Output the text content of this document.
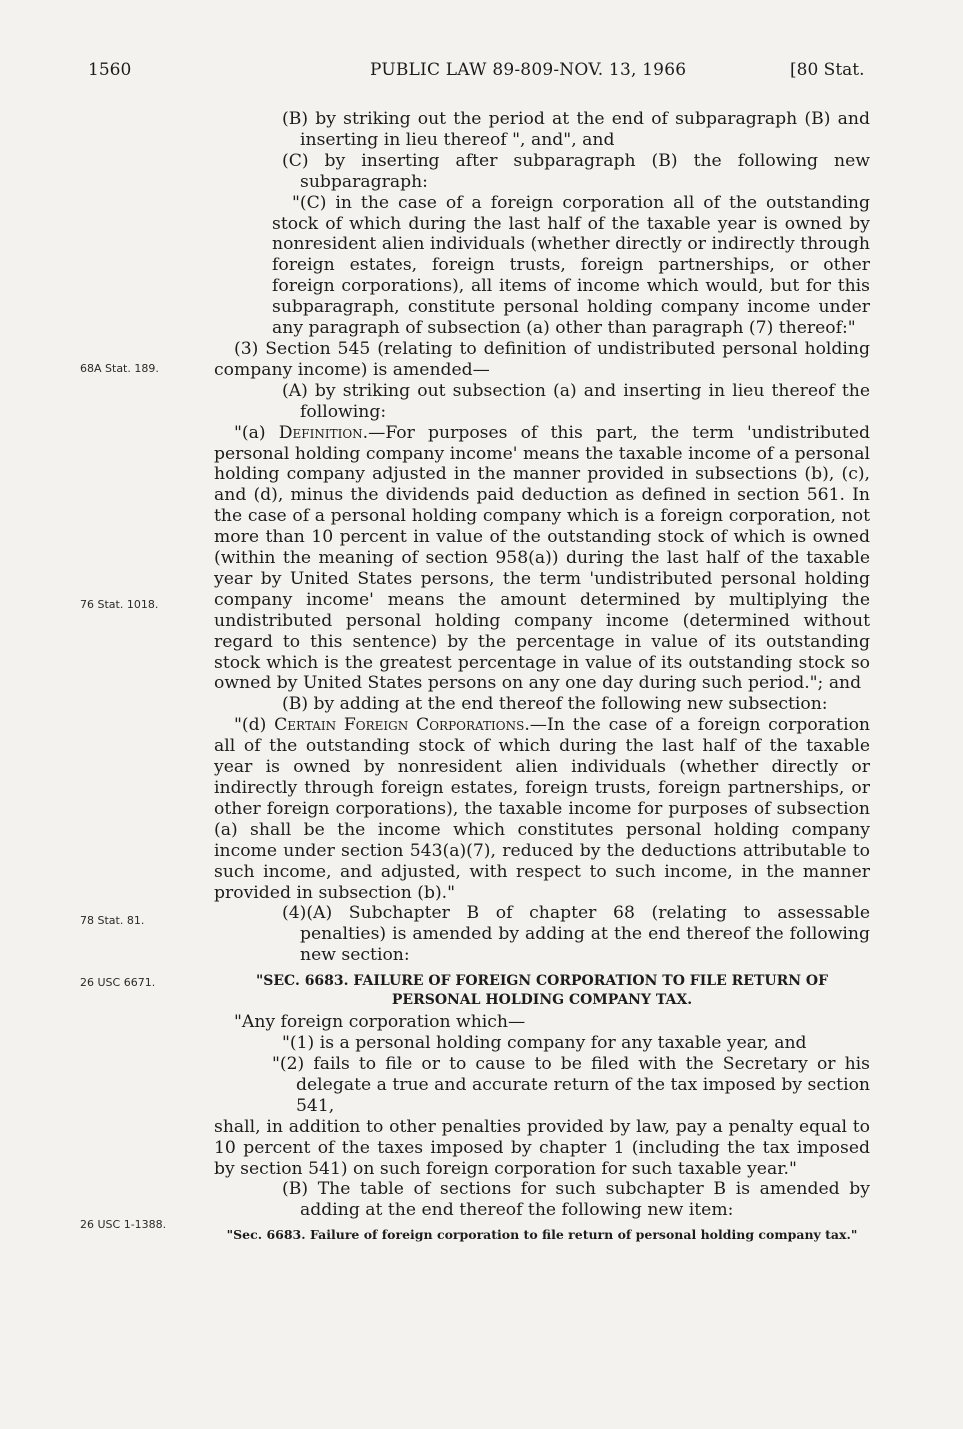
1560	PUBLIC LAW 89-809-NOV. 13, 1966	[80 Stat.
68A Stat. 189.
76 Stat. 1018.
78 Stat. 81.
26 USC 6671.
26 USC 1-1388.

(B) by striking out the period at the end of subparagraph (B) and inserting in lieu thereof ", and", and

(C) by inserting after subparagraph (B) the following new subparagraph:

"(C) in the case of a foreign corporation all of the outstanding stock of which during the last half of the taxable year is owned by nonresident alien individuals (whether directly or indirectly through foreign estates, foreign trusts, foreign partnerships, or other foreign corporations), all items of income which would, but for this subparagraph, constitute personal holding company income under any paragraph of subsection (a) other than paragraph (7) thereof:"

(3) Section 545 (relating to definition of undistributed personal holding company income) is amended—

(A) by striking out subsection (a) and inserting in lieu thereof the following:

"(a) Definition.—For purposes of this part, the term 'undistributed personal holding company income' means the taxable income of a personal holding company adjusted in the manner provided in subsections (b), (c), and (d), minus the dividends paid deduction as defined in section 561. In the case of a personal holding company which is a foreign corporation, not more than 10 percent in value of the outstanding stock of which is owned (within the meaning of section 958(a)) during the last half of the taxable year by United States persons, the term 'undistributed personal holding company income' means the amount determined by multiplying the undistributed personal holding company income (determined without regard to this sentence) by the percentage in value of its outstanding stock which is the greatest percentage in value of its outstanding stock so owned by United States persons on any one day during such period."; and

(B) by adding at the end thereof the following new subsection:

"(d) Certain Foreign Corporations.—In the case of a foreign corporation all of the outstanding stock of which during the last half of the taxable year is owned by nonresident alien individuals (whether directly or indirectly through foreign estates, foreign trusts, foreign partnerships, or other foreign corporations), the taxable income for purposes of subsection (a) shall be the income which constitutes personal holding company income under section 543(a)(7), reduced by the deductions attributable to such income, and adjusted, with respect to such income, in the manner provided in subsection (b)."

(4)(A) Subchapter B of chapter 68 (relating to assessable penalties) is amended by adding at the end thereof the following new section:

"SEC. 6683. FAILURE OF FOREIGN CORPORATION TO FILE RETURN OF PERSONAL HOLDING COMPANY TAX.

"Any foreign corporation which—

"(1) is a personal holding company for any taxable year, and

"(2) fails to file or to cause to be filed with the Secretary or his delegate a true and accurate return of the tax imposed by section 541,

shall, in addition to other penalties provided by law, pay a penalty equal to 10 percent of the taxes imposed by chapter 1 (including the tax imposed by section 541) on such foreign corporation for such taxable year."

(B) The table of sections for such subchapter B is amended by adding at the end thereof the following new item:

"Sec. 6683. Failure of foreign corporation to file return of personal holding company tax."
